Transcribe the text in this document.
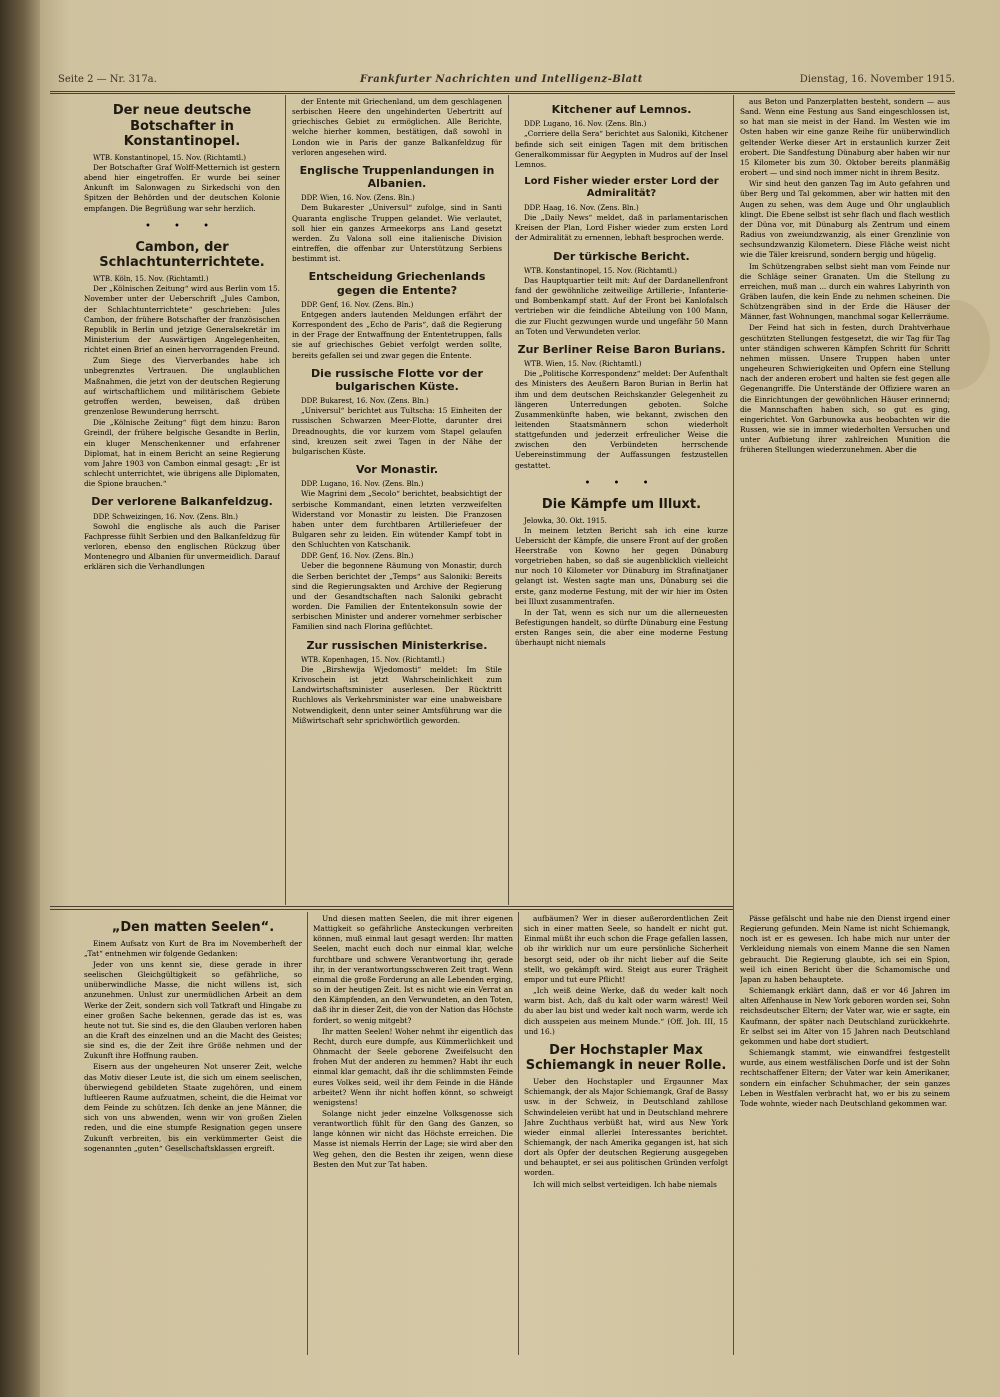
Seite 2 — Nr. 317a.	Frankfurter Nachrichten und Intelligenz-Blatt	Dienstag, 16. November 1915.
Der neue deutsche Botschafter in Konstantinopel.
WTB. Konstantinopel, 15. Nov. (Richtamtl.)

Der Botschafter Graf Wolff-Metternich ist gestern abend hier eingetroffen. Er wurde bei seiner Ankunft im Salonwagen zu Sirkedschi von den Spitzen der Behörden und der deutschen Kolonie empfangen. Die Begrüßung war sehr herzlich.

• • •
Cambon, der Schlachtunterrichtete.
WTB. Köln, 15. Nov. (Richtamtl.)

Der „Kölnischen Zeitung“ wird aus Berlin vom 15. November unter der Ueberschrift „Jules Cambon, der Schlachtunterrichtete“ geschrieben: Jules Cambon, der frühere Botschafter der französischen Republik in Berlin und jetzige Generalsekretär im Ministerium der Auswärtigen Angelegenheiten, richtet einen Brief an einen hervorragenden Freund.

Zum Siege des Vierverbandes habe ich unbegrenztes Vertrauen. Die unglaublichen Maßnahmen, die jetzt von der deutschen Regierung auf wirtschaftlichem und militärischem Gebiete getroffen werden, beweisen, daß drüben grenzenlose Bewunderung herrscht.

Die „Kölnische Zeitung“ fügt dem hinzu: Baron Greindl, der frühere belgische Gesandte in Berlin, ein kluger Menschenkenner und erfahrener Diplomat, hat in einem Bericht an seine Regierung vom Jahre 1903 von Cambon einmal gesagt: „Er ist schlecht unterrichtet, wie übrigens alle Diplomaten, die Spione brauchen.“

Der verlorene Balkanfeldzug.
DDP. Schweizingen, 16. Nov. (Zens. Bln.)

Sowohl die englische als auch die Pariser Fachpresse fühlt Serbien und den Balkanfeldzug für verloren, ebenso den englischen Rückzug über Montenegro und Albanien für unvermeidlich. Darauf erklären sich die Verhandlungen

der Entente mit Griechenland, um dem geschlagenen serbischen Heere den ungehinderten Uebertritt auf griechisches Gebiet zu ermöglichen. Alle Berichte, welche hierher kommen, bestätigen, daß sowohl in London wie in Paris der ganze Balkanfeldzug für verloren angesehen wird.

Englische Truppenlandungen in Albanien.
DDP. Wien, 16. Nov. (Zens. Bln.)

Dem Bukarester „Universul“ zufolge, sind in Santi Quaranta englische Truppen gelandet. Wie verlautet, soll hier ein ganzes Armeekorps ans Land gesetzt werden. Zu Valona soll eine italienische Division eintreffen, die offenbar zur Unterstützung Serbiens bestimmt ist.

Entscheidung Griechenlands gegen die Entente?
DDP. Genf, 16. Nov. (Zens. Bln.)

Entgegen anders lautenden Meldungen erfährt der Korrespondent des „Echo de Paris“, daß die Regierung in der Frage der Entwaffnung der Ententetruppen, falls sie auf griechisches Gebiet verfolgt werden sollte, bereits gefallen sei und zwar gegen die Entente.

Die russische Flotte vor der bulgarischen Küste.
DDP. Bukarest, 16. Nov. (Zens. Bln.)

„Universul“ berichtet aus Tultscha: 15 Einheiten der russischen Schwarzen Meer-Flotte, darunter drei Dreadnoughts, die vor kurzem vom Stapel gelaufen sind, kreuzen seit zwei Tagen in der Nähe der bulgarischen Küste.

Vor Monastir.
DDP. Lugano, 16. Nov. (Zens. Bln.)

Wie Magrini dem „Secolo“ berichtet, beabsichtigt der serbische Kommandant, einen letzten verzweifelten Widerstand vor Monastir zu leisten. Die Franzosen haben unter dem furchtbaren Artilleriefeuer der Bulgaren sehr zu leiden. Ein wütender Kampf tobt in den Schluchten von Katschanik.

DDP. Genf, 16. Nov. (Zens. Bln.)

Ueber die begonnene Räumung von Monastir, durch die Serben berichtet der „Temps“ aus Saloniki: Bereits sind die Regierungsakten und Archive der Regierung und der Gesandtschaften nach Saloniki gebracht worden. Die Familien der Ententekonsuln sowie der serbischen Minister und anderer vornehmer serbischer Familien sind nach Florina geflüchtet.

Zur russischen Ministerkrise.
WTB. Kopenhagen, 15. Nov. (Richtamtl.)

Die „Birshewija Wjedomosti“ meldet: Im Stile Krivoschein ist jetzt Wahrscheinlichkeit zum Landwirtschaftsminister auserlesen. Der Rücktritt Ruchlows als Verkehrsminister war eine unabweisbare Notwendigkeit, denn unter seiner Amtsführung war die Mißwirtschaft sehr sprichwörtlich geworden.

Kitchener auf Lemnos.
DDP. Lugano, 16. Nov. (Zens. Bln.)

„Corriere della Sera“ berichtet aus Saloniki, Kitchener befinde sich seit einigen Tagen mit dem britischen Generalkommissar für Aegypten in Mudros auf der Insel Lemnos.

Lord Fisher wieder erster Lord der Admiralität?
DDP. Haag, 16. Nov. (Zens. Bln.)

Die „Daily News“ meldet, daß in parlamentarischen Kreisen der Plan, Lord Fisher wieder zum ersten Lord der Admiralität zu ernennen, lebhaft besprochen werde.

Der türkische Bericht.
WTB. Konstantinopel, 15. Nov. (Richtamtl.)

Das Hauptquartier teilt mit: Auf der Dardanellenfront fand der gewöhnliche zeitweilige Artillerie-, Infanterie- und Bombenkampf statt. Auf der Front bei Kanlofalsch vertrieben wir die feindliche Abteilung von 100 Mann, die zur Flucht gezwungen wurde und ungefähr 50 Mann an Toten und Verwundeten verlor.

Zur Berliner Reise Baron Burians.
WTB. Wien, 15. Nov. (Richtamtl.)

Die „Politische Korrespondenz“ meldet: Der Aufenthalt des Ministers des Aeußern Baron Burian in Berlin hat ihm und dem deutschen Reichskanzler Gelegenheit zu längeren Unterredungen geboten. Solche Zusammenkünfte haben, wie bekannt, zwischen den leitenden Staatsmännern schon wiederholt stattgefunden und jederzeit erfreulicher Weise die zwischen den Verbündeten herrschende Uebereinstimmung der Auffassungen festzustellen gestattet.

• • •
Die Kämpfe um Illuxt.
Jelowka, 30. Okt. 1915.

In meinem letzten Bericht sah ich eine kurze Uebersicht der Kämpfe, die unsere Front auf der großen Heerstraße von Kowno her gegen Dünaburg vorgetrieben haben, so daß sie augenblicklich vielleicht nur noch 10 Kilometer vor Dünaburg im Strafinatjaner gelangt ist. Westen sagte man uns, Dünaburg sei die erste, ganz moderne Festung, mit der wir hier im Osten bei Illuxt zusammentrafen.

In der Tat, wenn es sich nur um die allerneuesten Befestigungen handelt, so dürfte Dünaburg eine Festung ersten Ranges sein, die aber eine moderne Festung überhaupt nicht niemals

aus Beton und Panzerplatten besteht, sondern — aus Sand. Wenn eine Festung aus Sand eingeschlossen ist, so hat man sie meist in der Hand. Im Westen wie im Osten haben wir eine ganze Reihe für unüberwindlich geltender Werke dieser Art in erstaunlich kurzer Zeit erobert. Die Sandfestung Dünaburg aber haben wir nur 15 Kilometer bis zum 30. Oktober bereits planmäßig erobert — und sind noch immer nicht in ihrem Besitz.

Wir sind heut den ganzen Tag im Auto gefahren und über Berg und Tal gekommen, aber wir hatten mit den Augen zu sehen, was dem Auge und Ohr unglaublich klingt. Die Ebene selbst ist sehr flach und flach westlich der Düna vor, mit Dünaburg als Zentrum und einem Radius von zweiundzwanzig, als einer Grenzlinie von sechsundzwanzig Kilometern. Diese Fläche weist nicht wie die Täler kreisrund, sondern bergig und hügelig.

Im Schützengraben selbst sieht man vom Feinde nur die Schläge seiner Granaten. Um die Stellung zu erreichen, muß man ... durch ein wahres Labyrinth von Gräben laufen, die kein Ende zu nehmen scheinen. Die Schützengräben sind in der Erde die Häuser der Männer, fast Wohnungen, manchmal sogar Kellerräume.

Der Feind hat sich in festen, durch Drahtverhaue geschützten Stellungen festgesetzt, die wir Tag für Tag unter ständigen schweren Kämpfen Schritt für Schritt nehmen müssen. Unsere Truppen haben unter ungeheuren Schwierigkeiten und Opfern eine Stellung nach der anderen erobert und halten sie fest gegen alle Gegenangriffe. Die Unterstände der Offiziere waren an die Einrichtungen der gewöhnlichen Häuser erinnernd; die Mannschaften haben sich, so gut es ging, eingerichtet. Von Garbunowka aus beobachten wir die Russen, wie sie in immer wiederholten Versuchen und unter Aufbietung ihrer zahlreichen Munition die früheren Stellungen wiederzunehmen. Aber die

„Den matten Seelen“.

Einem Aufsatz von Kurt de Bra im Novemberheft der „Tat“ entnehmen wir folgende Gedanken:

Jeder von uns kennt sie, diese gerade in ihrer seelischen Gleichgültigkeit so gefährliche, so unüberwindliche Masse, die nicht willens ist, sich anzunehmen. Unlust zur unermüdlichen Arbeit an dem Werke der Zeit, sondern sich voll Tatkraft und Hingabe zu einer großen Sache bekennen, gerade das ist es, was heute not tut. Sie sind es, die den Glauben verloren haben an die Kraft des einzelnen und an die Macht des Geistes; sie sind es, die der Zeit ihre Größe nehmen und der Zukunft ihre Hoffnung rauben.

Eisern aus der ungeheuren Not unserer Zeit, welche das Motiv dieser Leute ist, die sich um einem seelischen, überwiegend gebildeten Staate zugehören, und einem luftleeren Raume aufzuatmen, scheint, die die Heimat vor dem Feinde zu schützen. Ich denke an jene Männer, die sich von uns abwenden, wenn wir von großen Zielen reden, und die eine stumpfe Resignation gegen unsere Zukunft verbreiten, bis ein verkümmerter Geist die sogenannten „guten“ Gesellschaftsklassen ergreift.

Und diesen matten Seelen, die mit ihrer eigenen Mattigkeit so gefährliche Ansteckungen verbreiten können, muß einmal laut gesagt werden: Ihr matten Seelen, macht euch doch nur einmal klar, welche furchtbare und schwere Verantwortung ihr, gerade ihr, in der verantwortungsschweren Zeit tragt. Wenn einmal die große Forderung an alle Lebenden erging, so in der heutigen Zeit. Ist es nicht wie ein Verrat an den Kämpfenden, an den Verwundeten, an den Toten, daß ihr in dieser Zeit, die von der Nation das Höchste fordert, so wenig mitgebt?

Ihr matten Seelen! Woher nehmt ihr eigentlich das Recht, durch eure dumpfe, aus Kümmerlichkeit und Ohnmacht der Seele geborene Zweifelsucht den frohen Mut der anderen zu hemmen? Habt ihr euch einmal klar gemacht, daß ihr die schlimmsten Feinde eures Volkes seid, weil ihr dem Feinde in die Hände arbeitet? Wenn ihr nicht hoffen könnt, so schweigt wenigstens!

Solange nicht jeder einzelne Volksgenosse sich verantwortlich fühlt für den Gang des Ganzen, so lange können wir nicht das Höchste erreichen. Die Masse ist niemals Herrin der Lage; sie wird aber den Weg gehen, den die Besten ihr zeigen, wenn diese Besten den Mut zur Tat haben.

aufbäumen? Wer in dieser außerordentlichen Zeit sich in einer matten Seele, so handelt er nicht gut. Einmal müßt ihr euch schon die Frage gefallen lassen, ob ihr wirklich nur um eure persönliche Sicherheit besorgt seid, oder ob ihr nicht lieber auf die Seite stellt, wo gekämpft wird. Steigt aus eurer Trägheit empor und tut eure Pflicht!

„Ich weiß deine Werke, daß du weder kalt noch warm bist. Ach, daß du kalt oder warm wärest! Weil du aber lau bist und weder kalt noch warm, werde ich dich ausspeien aus meinem Munde.“ (Off. Joh. III, 15 und 16.)

Der Hochstapler Max Schiemangk in neuer Rolle.

Ueber den Hochstapler und Ergaunner Max Schiemangk, der als Major Schiemangk, Graf de Bassy usw. in der Schweiz, in Deutschland zahllose Schwindeleien verübt hat und in Deutschland mehrere Jahre Zuchthaus verbüßt hat, wird aus New York wieder einmal allerlei Interessantes berichtet. Schiemangk, der nach Amerika gegangen ist, hat sich dort als Opfer der deutschen Regierung ausgegeben und behauptet, er sei aus politischen Gründen verfolgt worden.

Ich will mich selbst verteidigen. Ich habe niemals

Pässe gefälscht und habe nie den Dienst irgend einer Regierung gefunden. Mein Name ist nicht Schiemangk, noch ist er es gewesen. Ich habe mich nur unter der Verkleidung niemals von einem Manne die sen Namen gebraucht. Die Regierung glaubte, ich sei ein Spion, weil ich einen Bericht über die Schamomische und Japan zu haben behauptete.

Schiemangk erklärt dann, daß er vor 46 Jahren im alten Affenhause in New York geboren worden sei, Sohn reichsdeutscher Eltern; der Vater war, wie er sagte, ein Kaufmann, der später nach Deutschland zurückkehrte. Er selbst sei im Alter von 15 Jahren nach Deutschland gekommen und habe dort studiert.

Schiemangk stammt, wie einwandfrei festgestellt wurde, aus einem westfälischen Dorfe und ist der Sohn rechtschaffener Eltern; der Vater war kein Amerikaner, sondern ein einfacher Schuhmacher, der sein ganzes Leben in Westfalen verbracht hat, wo er bis zu seinem Tode wohnte, wieder nach Deutschland gekommen war.
